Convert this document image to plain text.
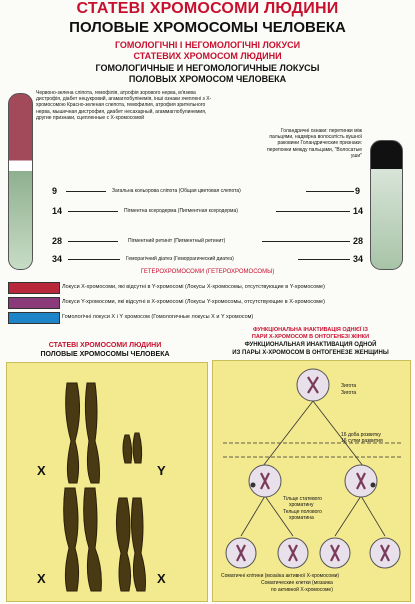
СТАТЕВІ ХРОМОСОМИ ЛЮДИНИ
ПОЛОВЫЕ ХРОМОСОМЫ ЧЕЛОВЕКА
ГОМОЛОГІЧНІ І НЕГОМОЛОГІЧНІ ЛОКУСИ
СТАТЕВИХ ХРОМОСОМ ЛЮДИНИ
ГОМОЛОГИЧНЫЕ И НЕГОМОЛОГИЧНЫЕ ЛОКУСЫ
ПОЛОВЫХ ХРОМОСОМ ЧЕЛОВЕКА
Червоно-зелена сліпота, гемофілія, атрофія зорового нерва, м'язева дистрофія, діабет нецукровий, агамаглобулінемія, інші ознаки зчеплені з Х-хромосомою Красно-зеленая слепота, гемофилия, атрофия зрительного нерва, мышечная дистрофия, диабет несахарный, агаммаглобулинемия, другие признаки, сцепленные с Х-хромосомой
Голандричні ознаки: перетинки між пальцями, надмірна волосатість вушної раковини Голандрические признаки: перепонки между пальцами, "Волосатые уши"
9	Загальна кольорова сліпота (Общая цветовая слепота)	9
14	Пігментна ксеродерма (Пигментная ксеродерма)	14
28	Пігментний ретиніт (Пигментный ретинит)	28
34	Геморагічний діатез (Геморрагический диатез)	34
ГЕТЕРОХРОМОСОМИ (ГЕТЕРОХРОМОСОМЫ)
Локуси Х-хромосоми, які відсутні в Y-хромосомі (Локусы Х-хромосомы, отсутствующие в Y-хромосоме)
Локуси Y-хромосоми, які відсутні в Х-хромосомі (Локусы Y-хромосомы, отсутствующие в Х-хромосоме)
Гомологічні локуси Х і Y хромосом (Гомологичные локусы Х и Y хромосом)
СТАТЕВІ ХРОМОСОМИ ЛЮДИНИ
ПОЛОВЫЕ ХРОМОСОМЫ ЧЕЛОВЕКА
X	Y
X	X
ФУНКЦІОНАЛЬНА ІНАКТИВАЦІЯ ОДНІЄЇ ІЗ
ПАРИ Х-ХРОМОСОМ В ОНТОГЕНЕЗІ ЖІНКИ
ФУНКЦИОНАЛЬНАЯ ИНАКТИВАЦИЯ ОДНОЙ
ИЗ ПАРЫ Х-ХРОМОСОМ В ОНТОГЕНЕЗЕ ЖЕНЩИНЫ
Зигота
Зигота
16 доба розвитку
16 сутки развития
Тільце статевого
хроматину
Тельце полового
хроматина
Соматичні клітини (мозаїка активної Х-хромосоми)
Соматические клетки (мозаика
по активной Х-хромосоме)
